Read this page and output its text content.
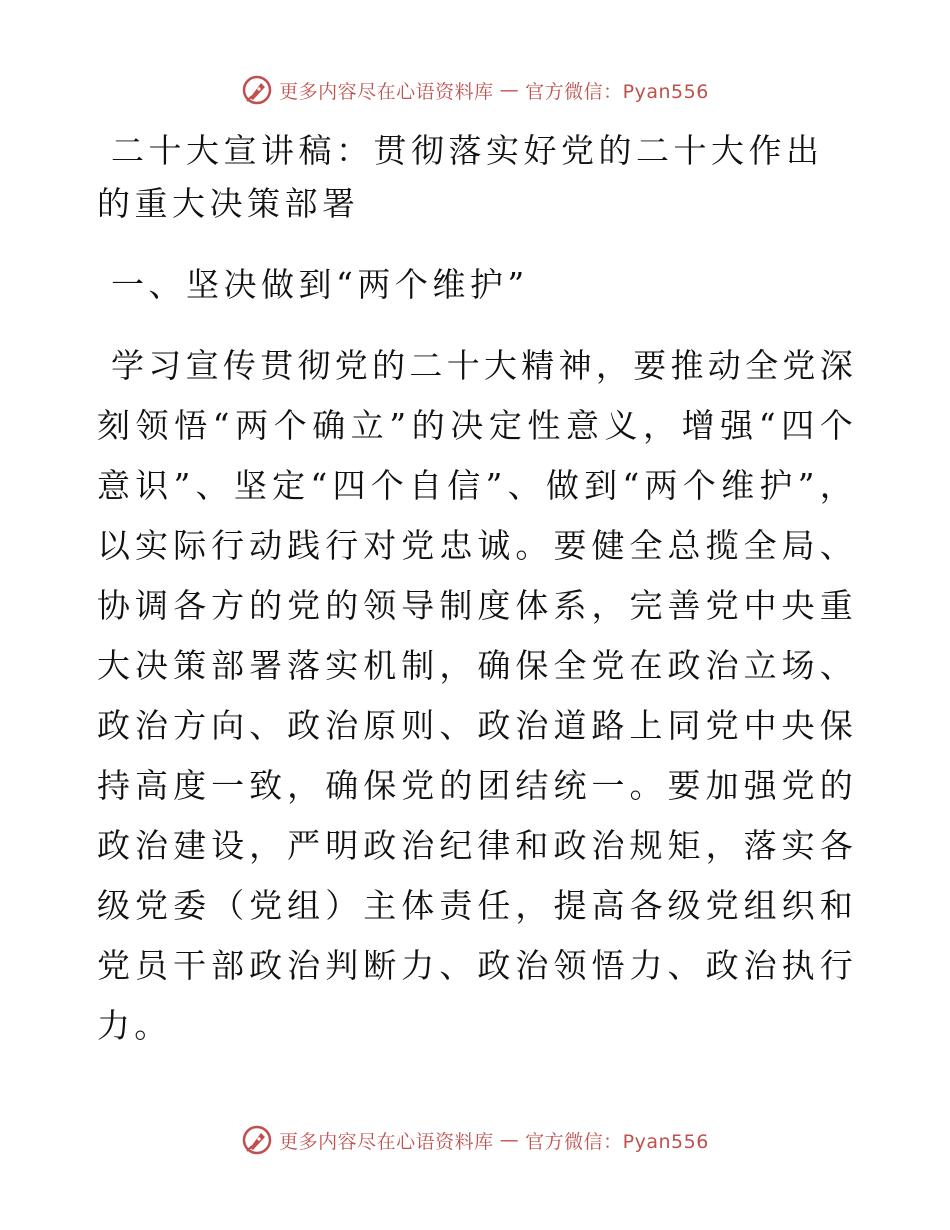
更多内容尽在心语资料库 — 官方微信：Pyan556
二十大宣讲稿：贯彻落实好党的二十大作出的重大决策部署
一、坚决做到“两个维护”

学习宣传贯彻党的二十大精神，要推动全党深刻领悟“两个确立”的决定性意义，增强“四个意识”、坚定“四个自信”、做到“两个维护”，以实际行动践行对党忠诚。要健全总揽全局、协调各方的党的领导制度体系，完善党中央重大决策部署落实机制，确保全党在政治立场、政治方向、政治原则、政治道路上同党中央保持高度一致，确保党的团结统一。要加强党的政治建设，严明政治纪律和政治规矩，落实各级党委（党组）主体责任，提高各级党组织和党员干部政治判断力、政治领悟力、政治执行力。

更多内容尽在心语资料库 — 官方微信：Pyan556
